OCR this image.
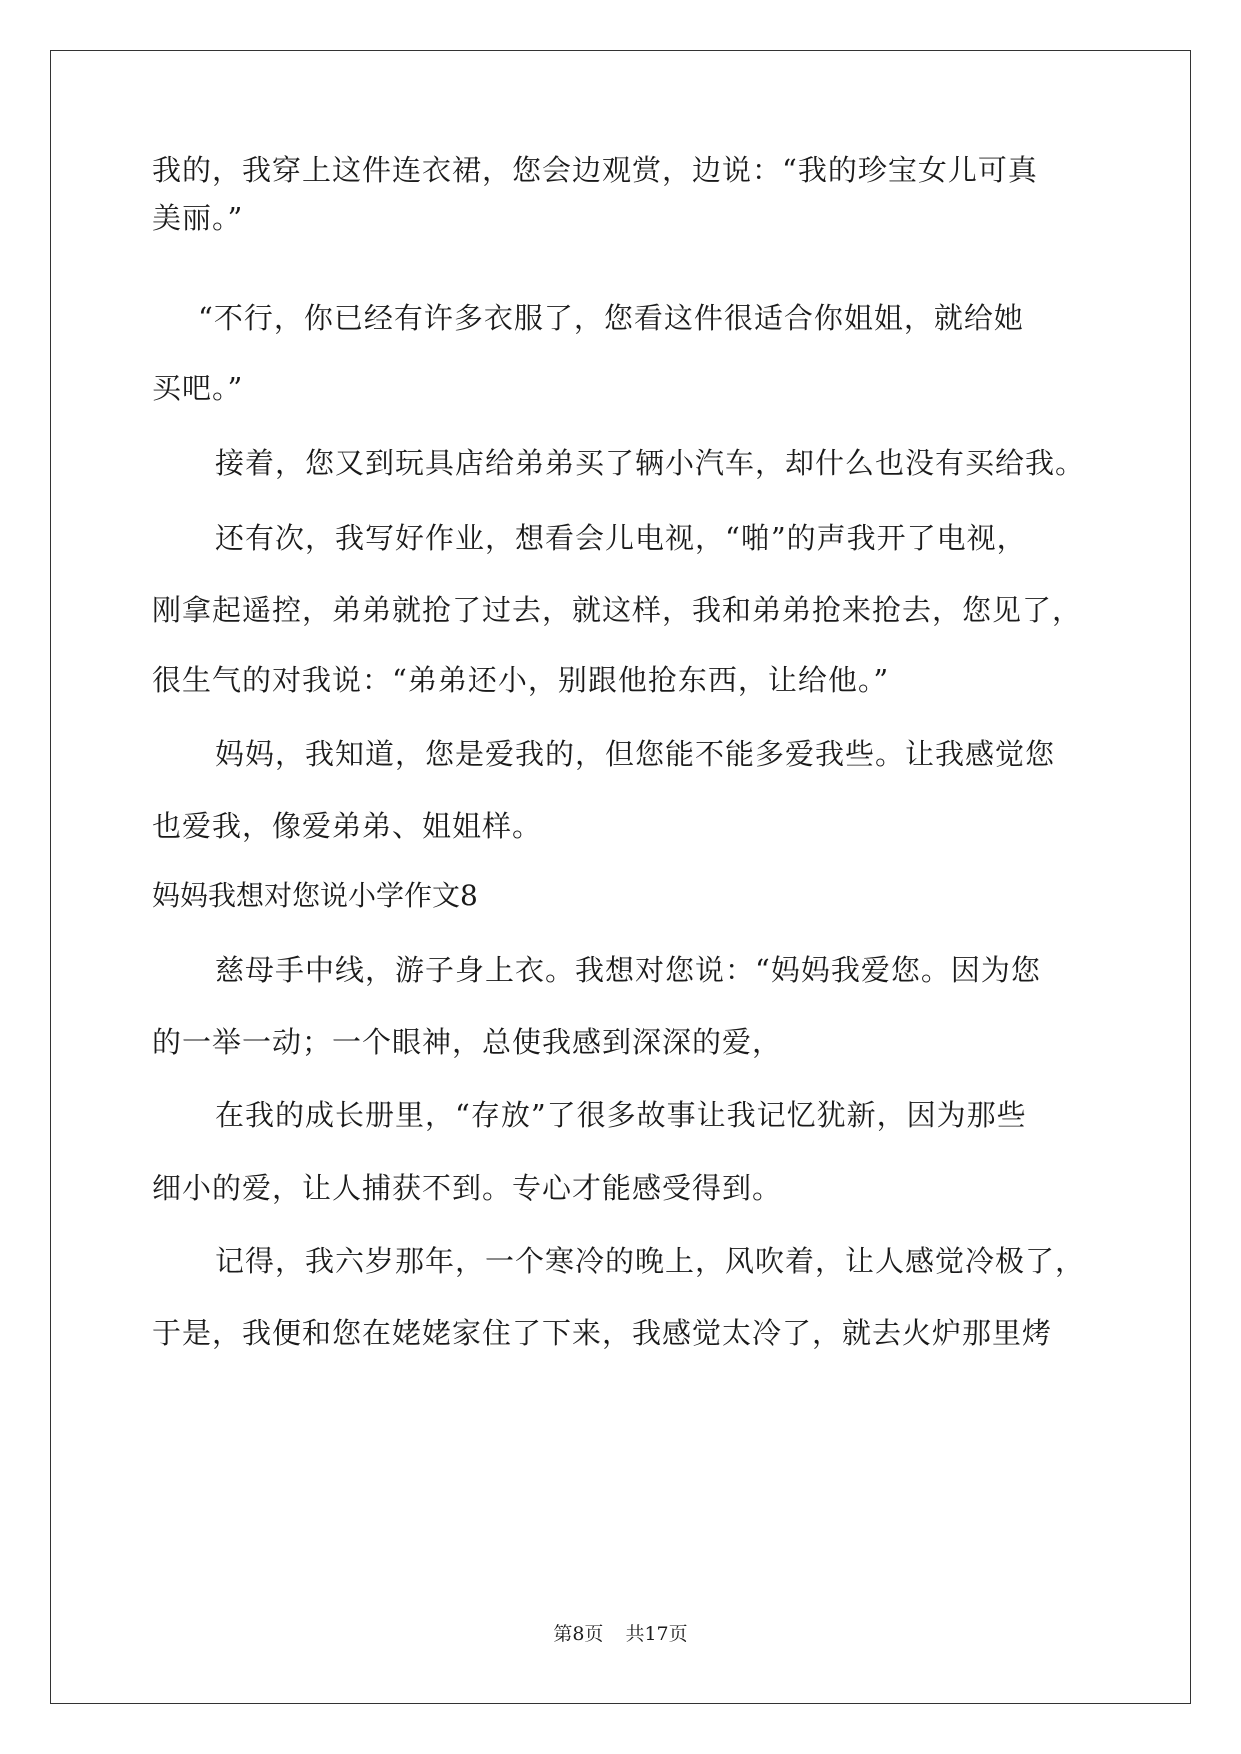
我的，我穿上这件连衣裙，您会边观赏，边说：“我的珍宝女儿可真
美丽。”
“不行，你已经有许多衣服了，您看这件很适合你姐姐，就给她
买吧。”
接着，您又到玩具店给弟弟买了辆小汽车，却什么也没有买给我。
还有次，我写好作业，想看会儿电视，“啪”的声我开了电视，
刚拿起遥控，弟弟就抢了过去，就这样，我和弟弟抢来抢去，您见了，
很生气的对我说：“弟弟还小，别跟他抢东西，让给他。”
妈妈，我知道，您是爱我的，但您能不能多爱我些。让我感觉您
也爱我，像爱弟弟、姐姐样。
妈妈我想对您说小学作文8
慈母手中线，游子身上衣。我想对您说：“妈妈我爱您。因为您
的一举一动；一个眼神，总使我感到深深的爱，
在我的成长册里，“存放”了很多故事让我记忆犹新，因为那些
细小的爱，让人捕获不到。专心才能感受得到。
记得，我六岁那年，一个寒冷的晚上，风吹着，让人感觉冷极了，
于是，我便和您在姥姥家住了下来，我感觉太冷了，就去火炉那里烤
第8页 共17页
